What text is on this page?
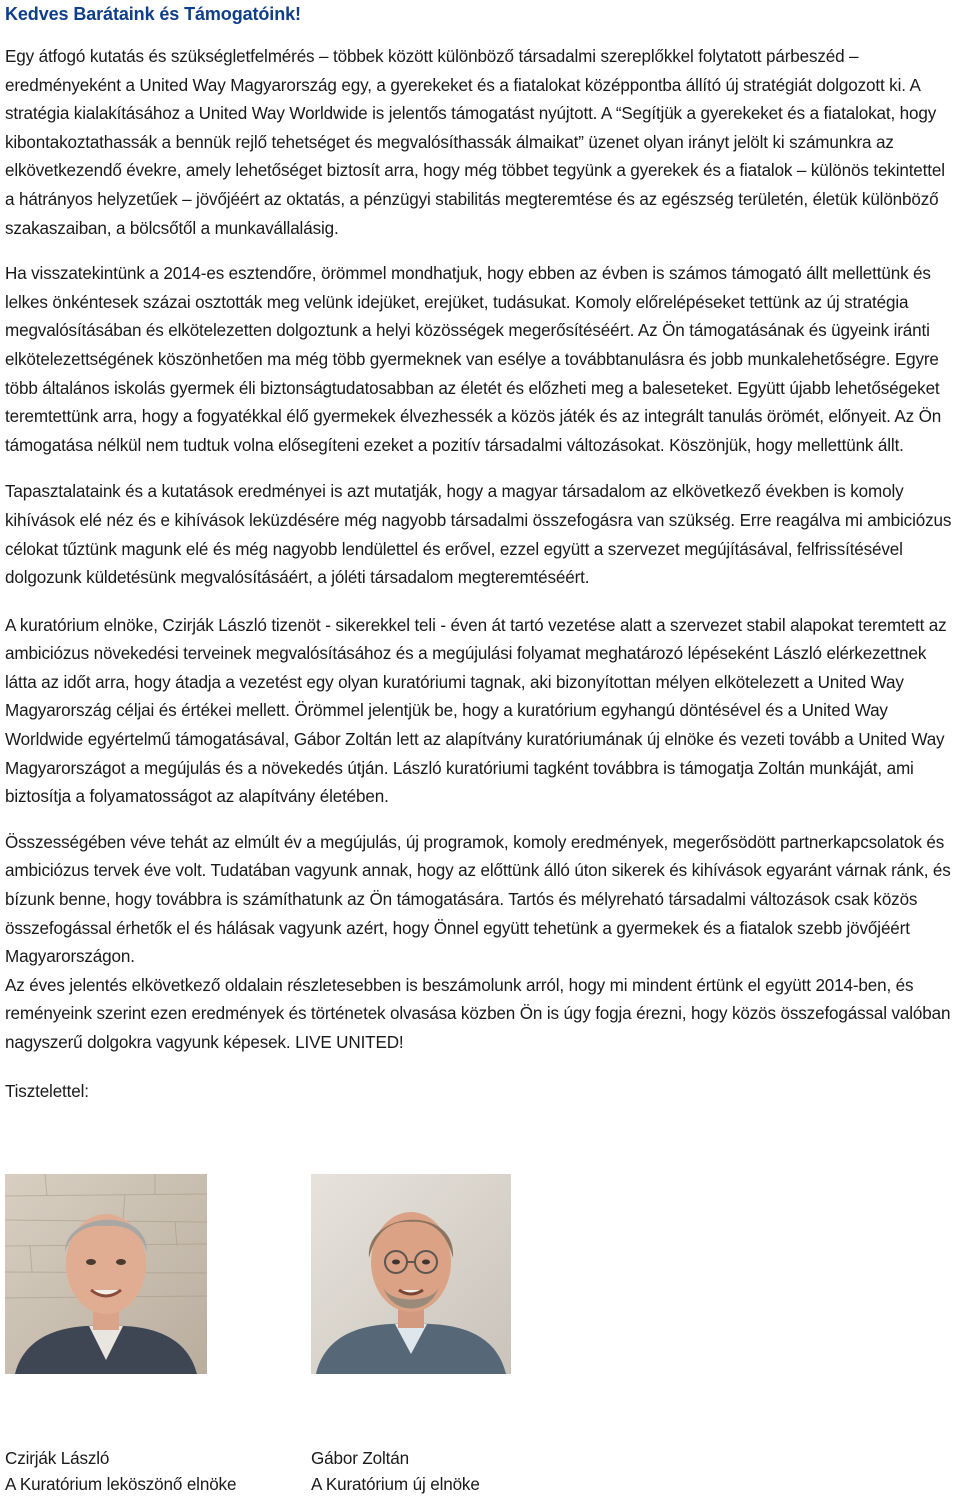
Kedves Barátaink és Támogatóink!

Egy átfogó kutatás és szükségletfelmérés – többek között különböző társadalmi szereplőkkel folytatott párbeszéd – eredményeként a United Way Magyarország egy, a gyerekeket és a fiatalokat középpontba állító új stratégiát dolgozott ki. A stratégia kialakításához a United Way Worldwide is jelentős támogatást nyújtott. A “Segítjük a gyerekeket és a fiatalokat, hogy kibontakoztathassák a bennük rejlő tehetséget és megvalósíthassák álmaikat” üzenet olyan irányt jelölt ki számunkra az elkövetkezendő évekre, amely lehetőséget biztosít arra, hogy még többet tegyünk a gyerekek és a fiatalok – különös tekintettel a hátrányos helyzetűek – jövőjéért az oktatás, a pénzügyi stabilitás megteremtése és az egészség területén, életük különböző szakaszaiban, a bölcsőtől a munkavállalásig.

Ha visszatekintünk a 2014-es esztendőre, örömmel mondhatjuk, hogy ebben az évben is számos támogató állt mellettünk és lelkes önkéntesek százai osztották meg velünk idejüket, erejüket, tudásukat. Komoly előrelépéseket tettünk az új stratégia megvalósításában és elkötelezetten dolgoztunk a helyi közösségek megerősítéséért. Az Ön támogatásának és ügyeink iránti elkötelezettségének köszönhetően ma még több gyermeknek van esélye a továbbtanulásra és jobb munkalehetőségre. Egyre több általános iskolás gyermek éli biztonságtudatosabban az életét és előzheti meg a baleseteket. Együtt újabb lehetőségeket teremtettünk arra, hogy a fogyatékkal élő gyermekek élvezhessék a közös játék és az integrált tanulás örömét, előnyeit. Az Ön támogatása nélkül nem tudtuk volna elősegíteni ezeket a pozitív társadalmi változásokat. Köszönjük, hogy mellettünk állt.

Tapasztalataink és a kutatások eredményei is azt mutatják, hogy a magyar társadalom az elkövetkező években is komoly kihívások elé néz és e kihívások leküzdésére még nagyobb társadalmi összefogásra van szükség. Erre reagálva mi ambiciózus célokat tűztünk magunk elé és még nagyobb lendülettel és erővel, ezzel együtt a szervezet megújításával, felfrissítésével dolgozunk küldetésünk megvalósításáért, a jóléti társadalom megteremtéséért.

A kuratórium elnöke, Czirják László tizenöt - sikerekkel teli - éven át tartó vezetése alatt a szervezet stabil alapokat teremtett az ambiciózus növekedési terveinek megvalósításához és a megújulási folyamat meghatározó lépéseként László elérkezettnek látta az időt arra, hogy átadja a vezetést egy olyan kuratóriumi tagnak, aki bizonyítottan mélyen elkötelezett a United Way Magyarország céljai és értékei mellett. Örömmel jelentjük be, hogy a kuratórium egyhangú döntésével és a United Way Worldwide egyértelmű támogatásával, Gábor Zoltán lett az alapítvány kuratóriumának új elnöke és vezeti tovább a United Way Magyarországot a megújulás és a növekedés útján. László kuratóriumi tagként továbbra is támogatja Zoltán munkáját, ami biztosítja a folyamatosságot az alapítvány életében.

Összességében véve tehát az elmúlt év a megújulás, új programok, komoly eredmények, megerősödött partnerkapcsolatok és ambiciózus tervek éve volt. Tudatában vagyunk annak, hogy az előttünk álló úton sikerek és kihívások egyaránt várnak ránk, és bízunk benne, hogy továbbra is számíthatunk az Ön támogatására. Tartós és mélyreható társadalmi változások csak közös összefogással érhetők el és hálásak vagyunk azért, hogy Önnel együtt tehetünk a gyermekek és a fiatalok szebb jövőjéért Magyarországon.

Az éves jelentés elkövetkező oldalain részletesebben is beszámolunk arról, hogy mi mindent értünk el együtt 2014-ben, és reményeink szerint ezen eredmények és történetek olvasása közben Ön is úgy fogja érezni, hogy közös összefogással valóban nagyszerű dolgokra vagyunk képesek. LIVE UNITED!

Tisztelettel:

Czirják László
A Kuratórium leköszönő elnöke
Gábor Zoltán
A Kuratórium új elnöke
